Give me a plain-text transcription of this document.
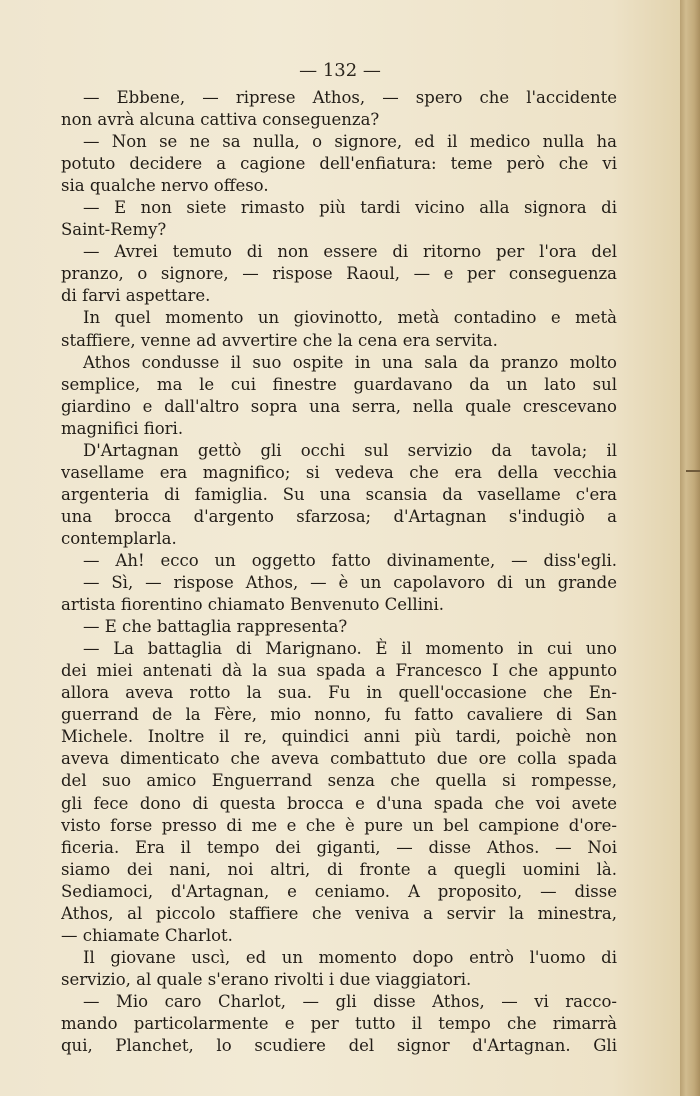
— 132 —
— Ebbene, — riprese Athos, — spero che l'accidente
non avrà alcuna cattiva conseguenza?
— Non se ne sa nulla, o signore, ed il medico nulla ha
potuto decidere a cagione dell'enfiatura: teme però che vi
sia qualche nervo offeso.
— E non siete rimasto più tardi vicino alla signora di
Saint-Remy?
— Avrei temuto di non essere di ritorno per l'ora del
pranzo, o signore, — rispose Raoul, — e per conseguenza
di farvi aspettare.
In quel momento un giovinotto, metà contadino e metà
staffiere, venne ad avvertire che la cena era servita.
Athos condusse il suo ospite in una sala da pranzo molto
semplice, ma le cui finestre guardavano da un lato sul
giardino e dall'altro sopra una serra, nella quale crescevano
magnifici fiori.
D'Artagnan gettò gli occhi sul servizio da tavola; il
vasellame era magnifico; si vedeva che era della vecchia
argenteria di famiglia. Su una scansia da vasellame c'era
una brocca d'argento sfarzosa; d'Artagnan s'indugiò a
contemplarla.
— Ah! ecco un oggetto fatto divinamente, — diss'egli.
— Sì, — rispose Athos, — è un capolavoro di un grande
artista fiorentino chiamato Benvenuto Cellini.
— E che battaglia rappresenta?
— La battaglia di Marignano. È il momento in cui uno
dei miei antenati dà la sua spada a Francesco I che appunto
allora aveva rotto la sua. Fu in quell'occasione che En-
guerrand de la Fère, mio nonno, fu fatto cavaliere di San
Michele. Inoltre il re, quindici anni più tardi, poichè non
aveva dimenticato che aveva combattuto due ore colla spada
del suo amico Enguerrand senza che quella si rompesse,
gli fece dono di questa brocca e d'una spada che voi avete
visto forse presso di me e che è pure un bel campione d'ore-
ficeria. Era il tempo dei giganti, — disse Athos. — Noi
siamo dei nani, noi altri, di fronte a quegli uomini là.
Sediamoci, d'Artagnan, e ceniamo. A proposito, — disse
Athos, al piccolo staffiere che veniva a servir la minestra,
— chiamate Charlot.
Il giovane uscì, ed un momento dopo entrò l'uomo di
servizio, al quale s'erano rivolti i due viaggiatori.
— Mio caro Charlot, — gli disse Athos, — vi racco-
mando particolarmente e per tutto il tempo che rimarrà
qui, Planchet, lo scudiere del signor d'Artagnan. Gli
